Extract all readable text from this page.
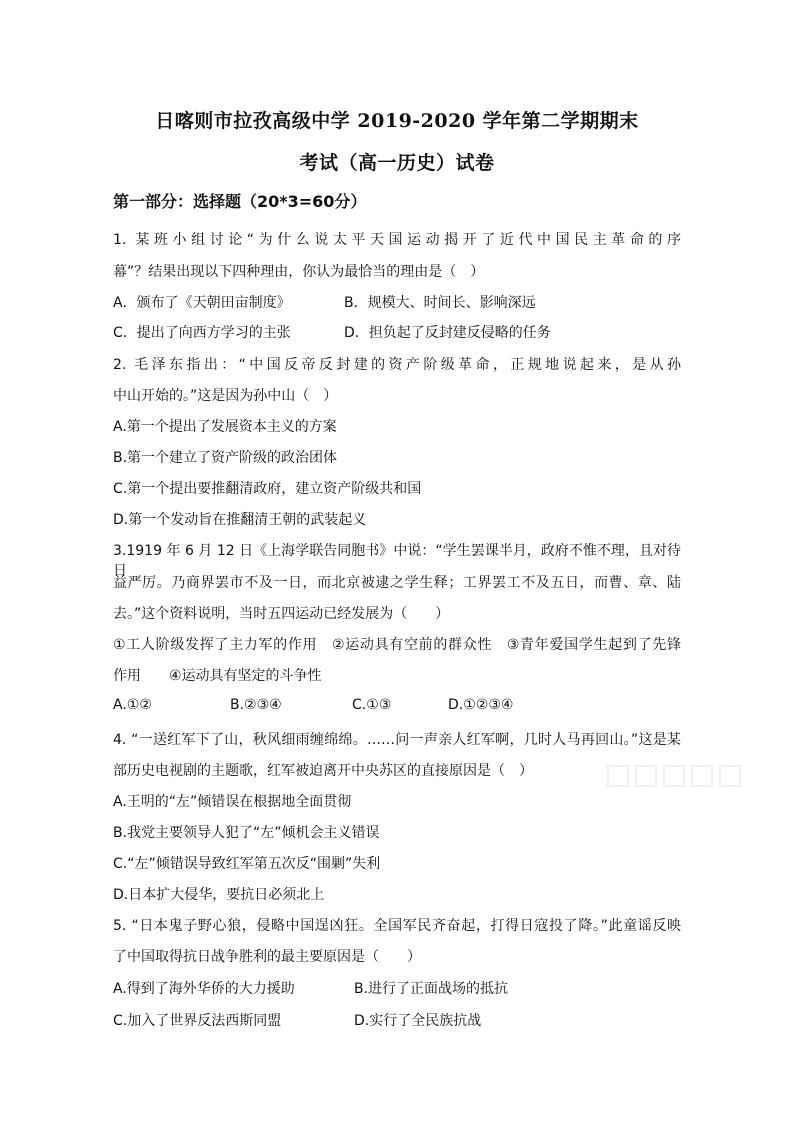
日喀则市拉孜高级中学 2019-2020 学年第二学期期末
考试（高一历史）试卷
第一部分：选择题（20*3=60分）
1. 某班小组讨论“为什么说太平天国运动揭开了近代中国民主革命的序
幕”？结果出现以下四种理由，你认为最恰当的理由是（　）
A．颁布了《天朝田亩制度》	B．规模大、时间长、影响深远
C．提出了向西方学习的主张	D．担负起了反封建反侵略的任务
2. 毛泽东指出：“中国反帝反封建的资产阶级革命，正规地说起来，是从孙
中山开始的。”这是因为孙中山（　）
A.第一个提出了发展资本主义的方案
B.第一个建立了资产阶级的政治团体
C.第一个提出要推翻清政府，建立资产阶级共和国
D.第一个发动旨在推翻清王朝的武装起义
3.1919 年 6 月 12 日《上海学联告同胞书》中说：“学生罢课半月，政府不惟不理，且对待日
益严厉。乃商界罢市不及一日，而北京被逮之学生释；工界罢工不及五日，而曹、章、陆
去。”这个资料说明，当时五四运动已经发展为（　　）
①工人阶级发挥了主力军的作用　②运动具有空前的群众性　③青年爱国学生起到了先锋
作用　　④运动具有坚定的斗争性
A.①②	B.②③④	C.①③	D.①②③④
4. “一送红军下了山，秋风细雨缠绵绵。……问一声亲人红军啊，几时人马再回山。”这是某
部历史电视剧的主题歌，红军被迫离开中央苏区的直接原因是（　）
A.王明的“左”倾错误在根据地全面贯彻
B.我党主要领导人犯了“左”倾机会主义错误
C.“左”倾错误导致红军第五次反“围剿”失利
D.日本扩大侵华，要抗日必须北上
5. “日本鬼子野心狼，侵略中国逞凶狂。全国军民齐奋起，打得日寇投了降。”此童谣反映
了中国取得抗日战争胜利的最主要原因是（　　）
A.得到了海外华侨的大力援助	B.进行了正面战场的抵抗
C.加入了世界反法西斯同盟	D.实行了全民族抗战
